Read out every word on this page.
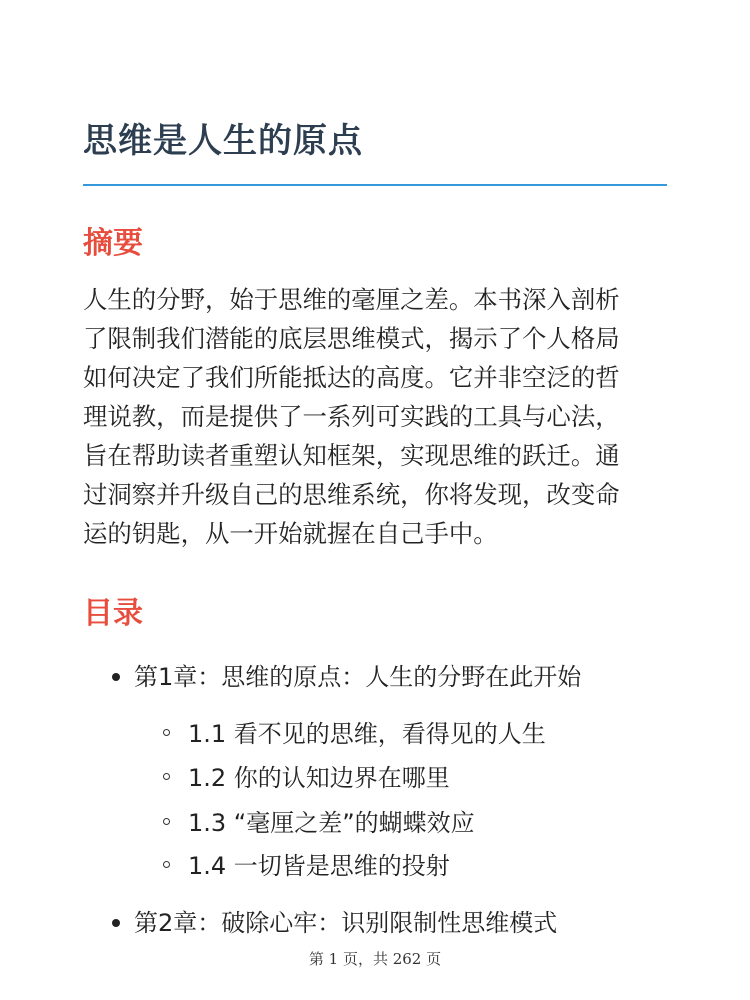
思维是人生的原点
摘要
人生的分野，始于思维的毫厘之差。本书深入剖析
了限制我们潜能的底层思维模式，揭示了个人格局
如何决定了我们所能抵达的高度。它并非空泛的哲
理说教，而是提供了一系列可实践的工具与心法，
旨在帮助读者重塑认知框架，实现思维的跃迁。通
过洞察并升级自己的思维系统，你将发现，改变命
运的钥匙，从一开始就握在自己手中。
目录
第1章：思维的原点：人生的分野在此开始
1.1 看不见的思维，看得见的人生
1.2 你的认知边界在哪里
1.3 “毫厘之差”的蝴蝶效应
1.4 一切皆是思维的投射
第2章：破除心牢：识别限制性思维模式
第 1 页，共 262 页
